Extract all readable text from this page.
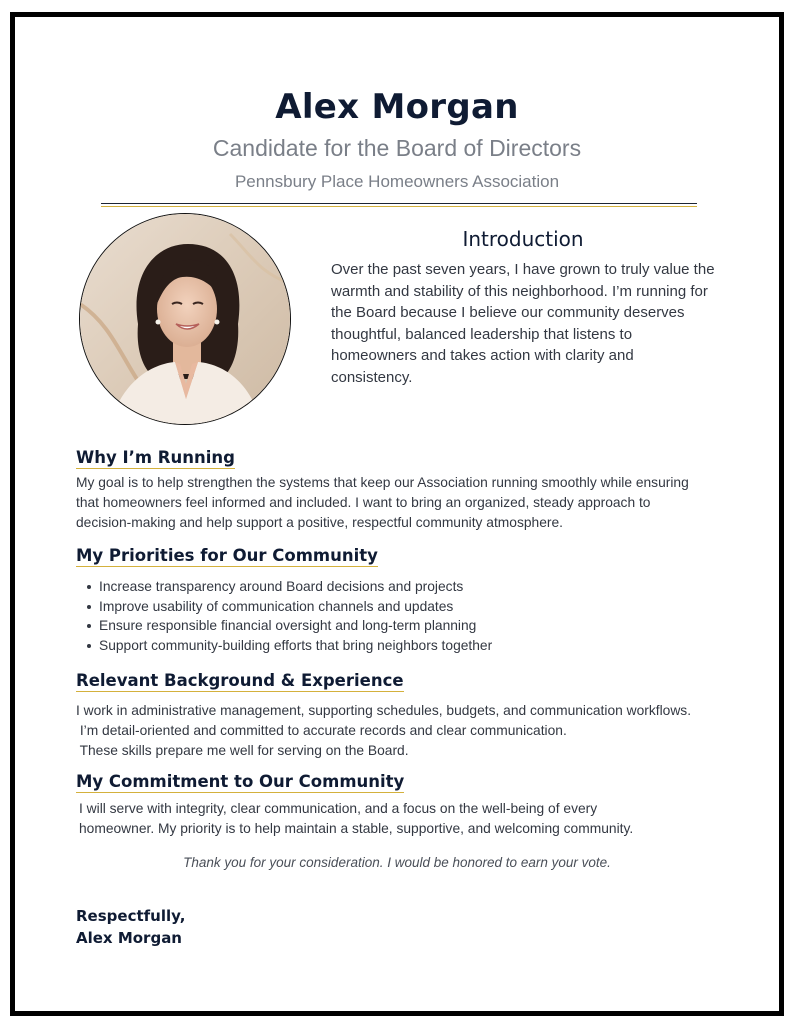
Alex Morgan
Candidate for the Board of Directors
Pennsbury Place Homeowners Association
Introduction

Over the past seven years, I have grown to truly value the warmth and stability of this neighborhood. I’m running for the Board because I believe our community deserves thoughtful, balanced leadership that listens to homeowners and takes action with clarity and consistency.

Why I’m Running

My goal is to help strengthen the systems that keep our Association running smoothly while ensuring
that homeowners feel informed and included. I want to bring an organized, steady approach to
decision-making and help support a positive, respectful community atmosphere.

My Priorities for Our Community
Increase transparency around Board decisions and projects
Improve usability of communication channels and updates
Ensure responsible financial oversight and long-term planning
Support community-building efforts that bring neighbors together
Relevant Background & Experience

I work in administrative management, supporting schedules, budgets, and communication workflows.
I’m detail-oriented and committed to accurate records and clear communication.
These skills prepare me well for serving on the Board.

My Commitment to Our Community

I will serve with integrity, clear communication, and a focus on the well-being of every
homeowner. My priority is to help maintain a stable, supportive, and welcoming community.

Thank you for your consideration. I would be honored to earn your vote.
Respectfully,
Alex Morgan
